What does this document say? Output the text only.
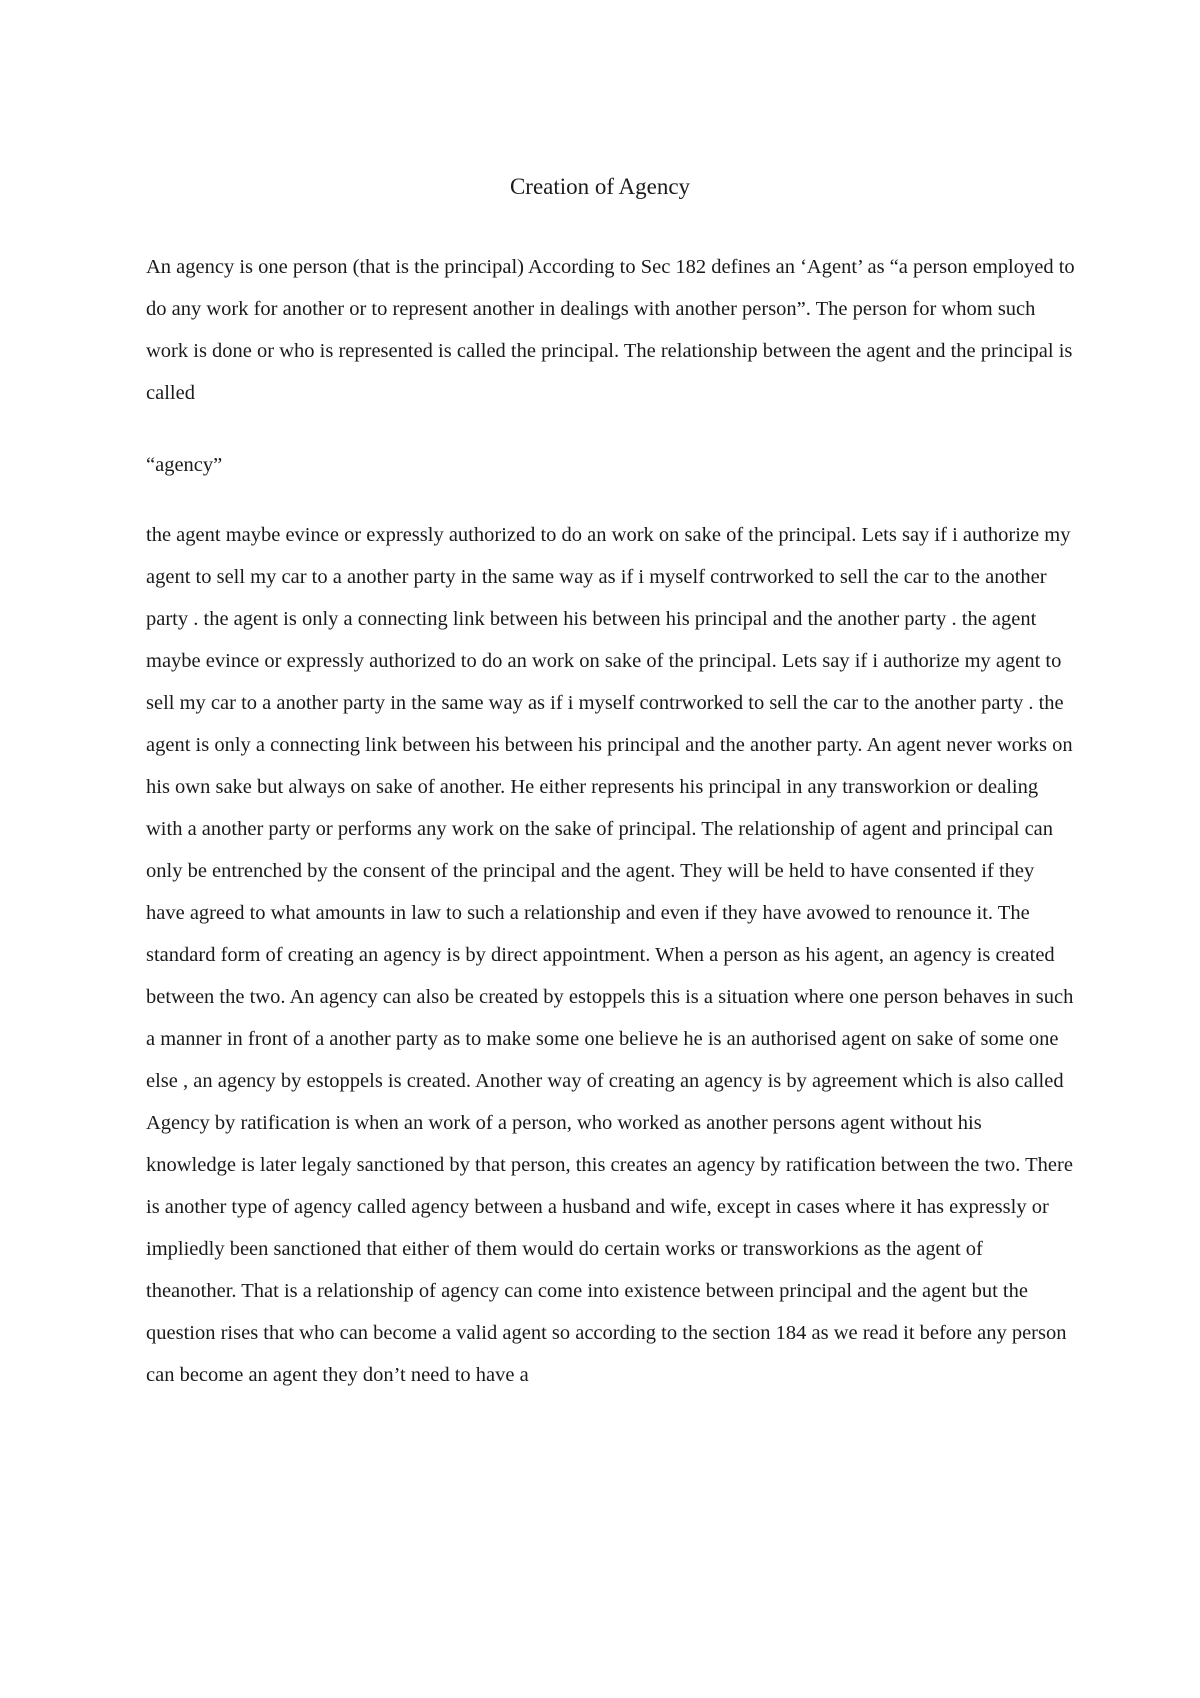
Creation of Agency

An agency is one person (that is the principal) According to Sec 182 defines an ‘Agent’ as “a person employed to do any work for another or to represent another in dealings with another person”. The person for whom such work is done or who is represented is called the principal. The relationship between the agent and the principal is called

“agency”

the agent maybe evince or expressly authorized to do an work on sake of the principal. Lets say if i authorize my agent to sell my car to a another party in the same way as if i myself contrworked to sell the car to the another party . the agent is only a connecting link between his between his principal and the another party . the agent maybe evince or expressly authorized to do an work on sake of the principal. Lets say if i authorize my agent to sell my car to a another party in the same way as if i myself contrworked to sell the car to the another party . the agent is only a connecting link between his between his principal and the another party. An agent never works on his own sake but always on sake of another. He either represents his principal in any transworkion or dealing with a another party or performs any work on the sake of principal. The relationship of agent and principal can only be entrenched by the consent of the principal and the agent. They will be held to have consented if they have agreed to what amounts in law to such a relationship and even if they have avowed to renounce it. The standard form of creating an agency is by direct appointment. When a person as his agent, an agency is created between the two. An agency can also be created by estoppels this is a situation where one person behaves in such a manner in front of a another party as to make some one believe he is an authorised agent on sake of some one else , an agency by estoppels is created. Another way of creating an agency is by agreement which is also called Agency by ratification is when an work of a person, who worked as another persons agent without his knowledge is later legaly sanctioned by that person, this creates an agency by ratification between the two. There is another type of agency called agency between a husband and wife, except in cases where it has expressly or impliedly been sanctioned that either of them would do certain works or transworkions as the agent of theanother. That is a relationship of agency can come into existence between principal and the agent but the question rises that who can become a valid agent so according to the section 184 as we read it before any person can become an agent they don’t need to have a
